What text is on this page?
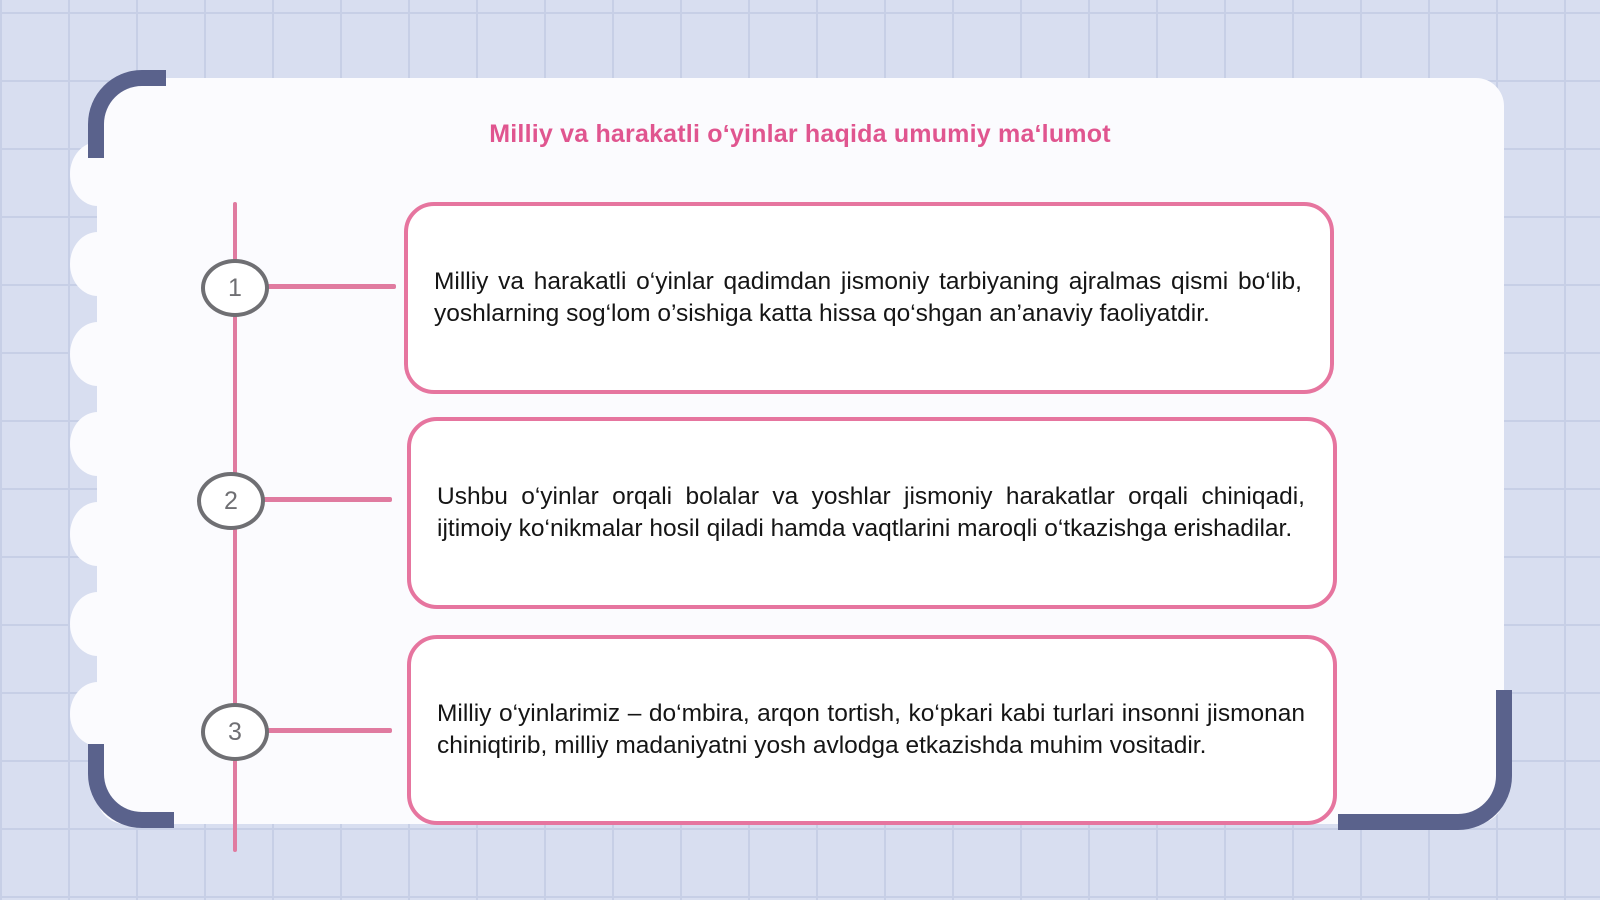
Milliy va harakatli oʻyinlar haqida umumiy maʻlumot
1	Milliy va harakatli o‘yinlar qadimdan jismoniy tarbiyaning ajralmas qismi bo‘lib, yoshlarning sog‘lom o’sishiga katta hissa qo‘shgan an’anaviy faoliyatdir.

2	Ushbu o‘yinlar orqali bolalar va yoshlar jismoniy harakatlar orqali chiniqadi, ijtimoiy ko‘nikmalar hosil qiladi hamda vaqtlarini maroqli o‘tkazishga erishadilar.

3

Milliy o‘yinlarimiz – do‘mbira, arqon tortish, ko‘pkari kabi turlari insonni jismonan chiniqtirib, milliy madaniyatni yosh avlodga etkazishda muhim vositadir.
